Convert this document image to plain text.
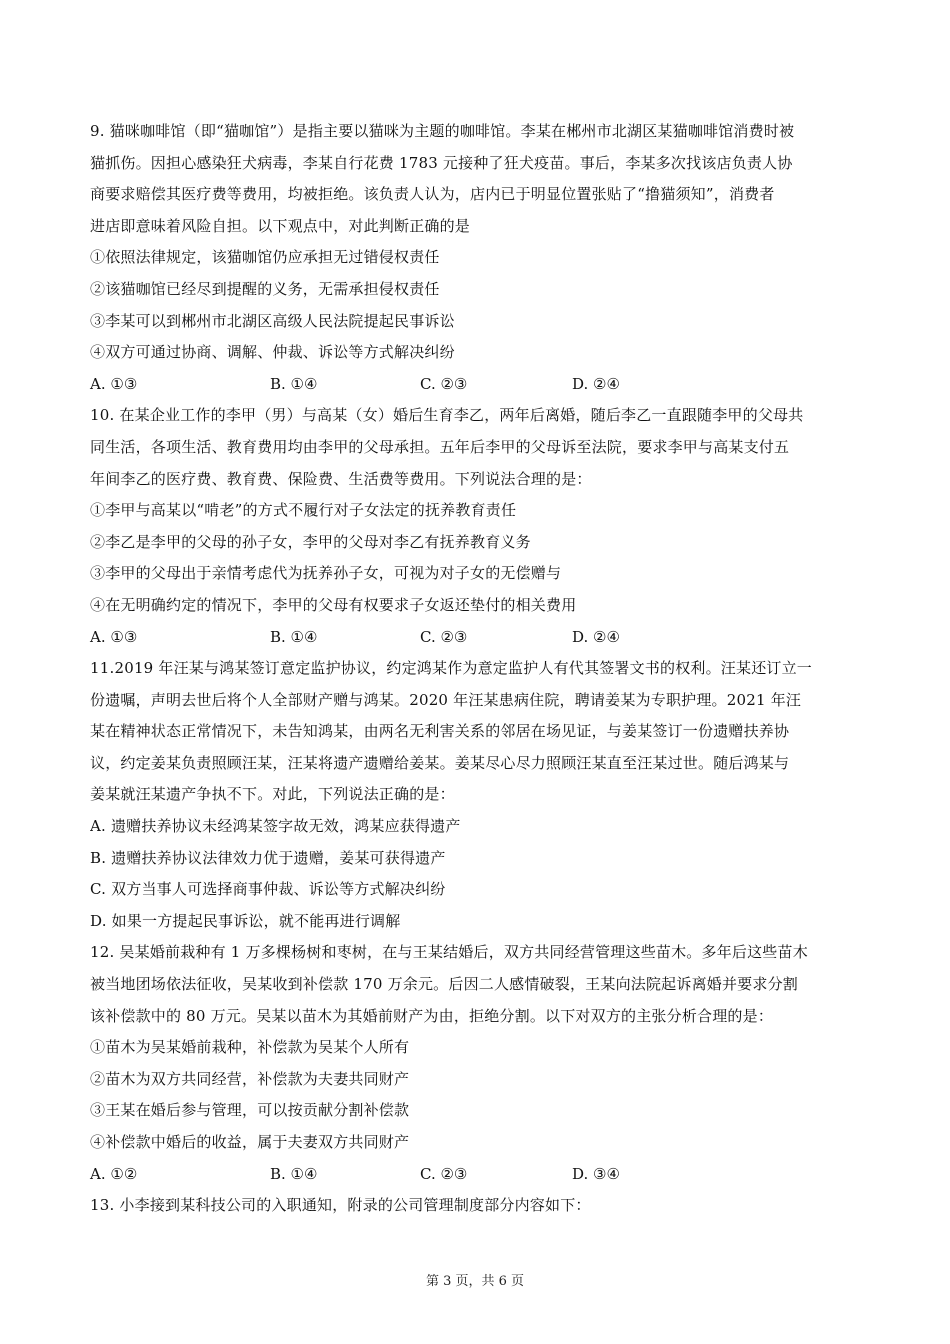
9. 猫咪咖啡馆（即“猫咖馆”）是指主要以猫咪为主题的咖啡馆。李某在郴州市北湖区某猫咖啡馆消费时被
猫抓伤。因担心感染狂犬病毒，李某自行花费 1783 元接种了狂犬疫苗。事后，李某多次找该店负责人协
商要求赔偿其医疗费等费用，均被拒绝。该负责人认为，店内已于明显位置张贴了“撸猫须知”，消费者
进店即意味着风险自担。以下观点中，对此判断正确的是
①依照法律规定，该猫咖馆仍应承担无过错侵权责任
②该猫咖馆已经尽到提醒的义务，无需承担侵权责任
③李某可以到郴州市北湖区高级人民法院提起民事诉讼
④双方可通过协商、调解、仲裁、诉讼等方式解决纠纷
A. ①③	B. ①④	C. ②③	D. ②④
10. 在某企业工作的李甲（男）与高某（女）婚后生育李乙，两年后离婚，随后李乙一直跟随李甲的父母共
同生活，各项生活、教育费用均由李甲的父母承担。五年后李甲的父母诉至法院，要求李甲与高某支付五
年间李乙的医疗费、教育费、保险费、生活费等费用。下列说法合理的是：
①李甲与高某以“啃老”的方式不履行对子女法定的抚养教育责任
②李乙是李甲的父母的孙子女，李甲的父母对李乙有抚养教育义务
③李甲的父母出于亲情考虑代为抚养孙子女，可视为对子女的无偿赠与
④在无明确约定的情况下，李甲的父母有权要求子女返还垫付的相关费用
A. ①③	B. ①④	C. ②③	D. ②④
11.2019 年汪某与鸿某签订意定监护协议，约定鸿某作为意定监护人有代其签署文书的权利。汪某还订立一
份遗嘱，声明去世后将个人全部财产赠与鸿某。2020 年汪某患病住院，聘请姜某为专职护理。2021 年汪
某在精神状态正常情况下，未告知鸿某，由两名无利害关系的邻居在场见证，与姜某签订一份遗赠扶养协
议，约定姜某负责照顾汪某，汪某将遗产遗赠给姜某。姜某尽心尽力照顾汪某直至汪某过世。随后鸿某与
姜某就汪某遗产争执不下。对此，下列说法正确的是：
A. 遗赠扶养协议未经鸿某签字故无效，鸿某应获得遗产
B. 遗赠扶养协议法律效力优于遗赠，姜某可获得遗产
C. 双方当事人可选择商事仲裁、诉讼等方式解决纠纷
D. 如果一方提起民事诉讼，就不能再进行调解
12. 吴某婚前栽种有 1 万多棵杨树和枣树，在与王某结婚后，双方共同经营管理这些苗木。多年后这些苗木
被当地团场依法征收，吴某收到补偿款 170 万余元。后因二人感情破裂，王某向法院起诉离婚并要求分割
该补偿款中的 80 万元。吴某以苗木为其婚前财产为由，拒绝分割。以下对双方的主张分析合理的是：
①苗木为吴某婚前栽种，补偿款为吴某个人所有
②苗木为双方共同经营，补偿款为夫妻共同财产
③王某在婚后参与管理，可以按贡献分割补偿款
④补偿款中婚后的收益，属于夫妻双方共同财产
A. ①②	B. ①④	C. ②③	D. ③④
13. 小李接到某科技公司的入职通知，附录的公司管理制度部分内容如下：
第 3 页，共 6 页
